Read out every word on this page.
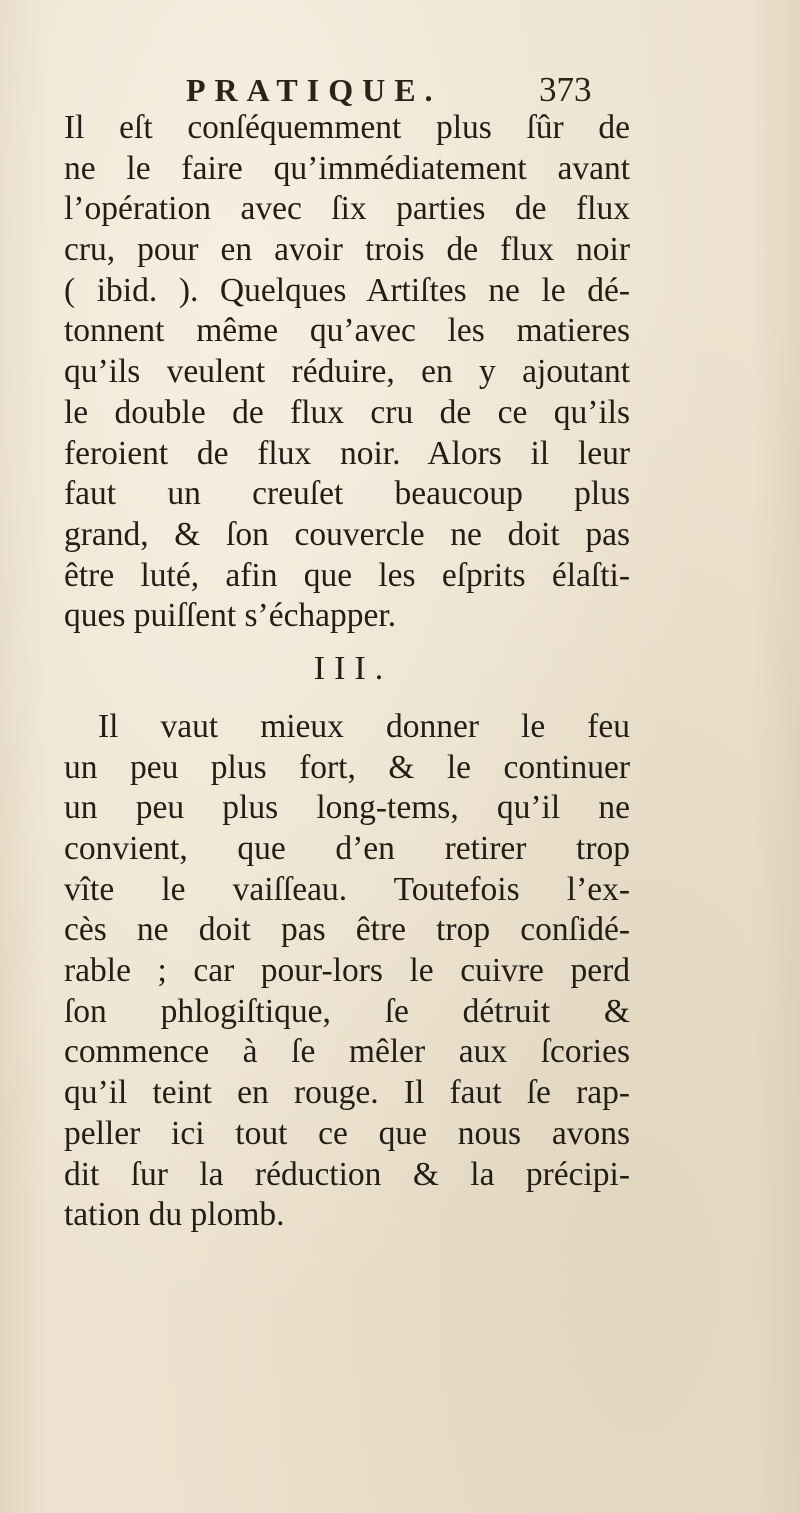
PRATIQUE.	373
Il eſt conſéquemment plus ſûr de
ne le faire qu’immédiatement avant
l’opération avec ſix parties de flux
cru, pour en avoir trois de flux noir
( ibid. ). Quelques Artiſtes ne le dé-
tonnent même qu’avec les matieres
qu’ils veulent réduire, en y ajoutant
le double de flux cru de ce qu’ils
feroient de flux noir. Alors il leur
faut un creuſet beaucoup plus
grand, & ſon couvercle ne doit pas
être luté, afin que les eſprits élaſti-
ques puiſſent s’échapper.
III.
Il vaut mieux donner le feu
un peu plus fort, & le continuer
un peu plus long-tems, qu’il ne
convient, que d’en retirer trop
vîte le vaiſſeau. Toutefois l’ex-
cès ne doit pas être trop conſidé-
rable ; car pour-lors le cuivre perd
ſon phlogiſtique, ſe détruit &
commence à ſe mêler aux ſcories
qu’il teint en rouge. Il faut ſe rap-
peller ici tout ce que nous avons
dit ſur la réduction & la précipi-
tation du plomb.
